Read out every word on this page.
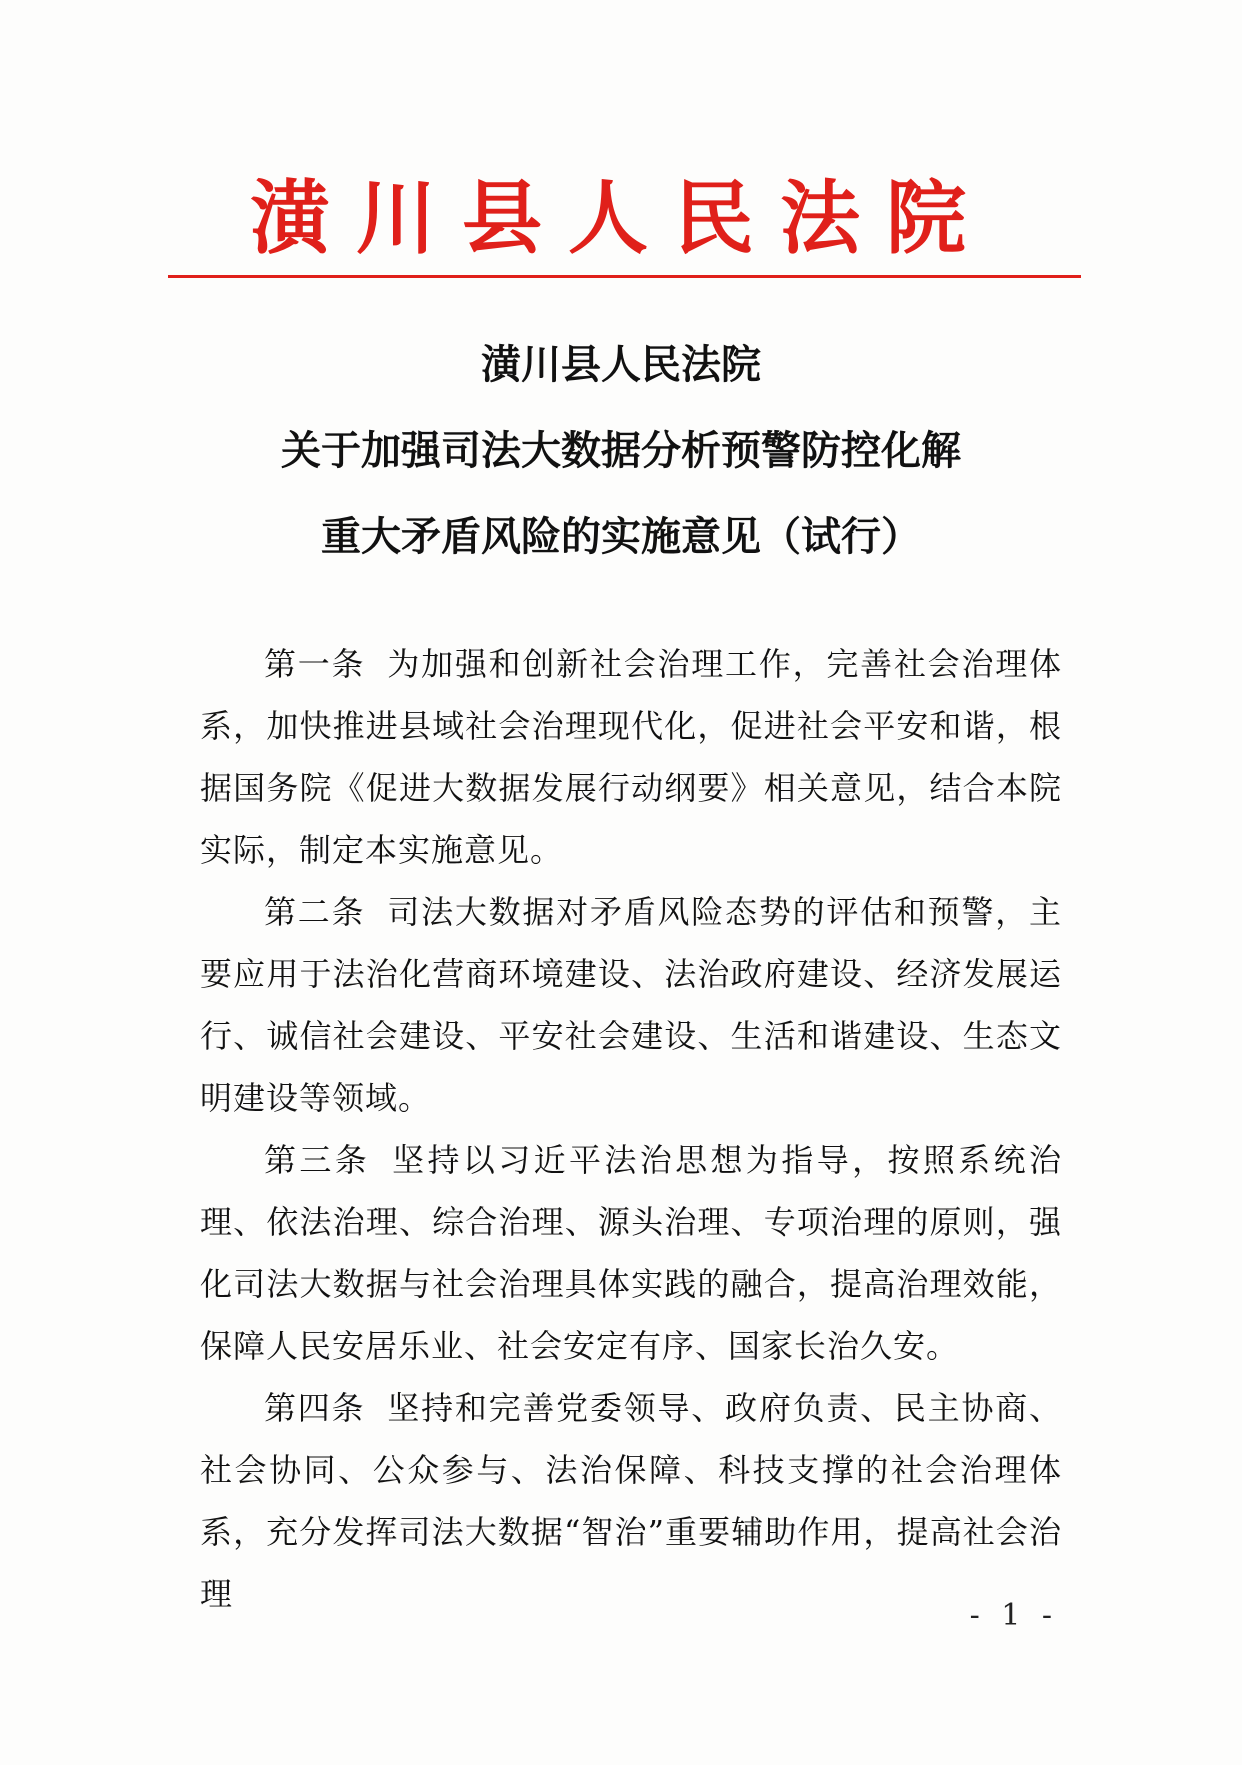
潢川县人民法院
潢川县人民法院
关于加强司法大数据分析预警防控化解
重大矛盾风险的实施意见（试行）

第一条 为加强和创新社会治理工作，完善社会治理体系，加快推进县域社会治理现代化，促进社会平安和谐，根据国务院《促进大数据发展行动纲要》相关意见，结合本院实际，制定本实施意见。

第二条 司法大数据对矛盾风险态势的评估和预警，主要应用于法治化营商环境建设、法治政府建设、经济发展运行、诚信社会建设、平安社会建设、生活和谐建设、生态文明建设等领域。

第三条 坚持以习近平法治思想为指导，按照系统治理、依法治理、综合治理、源头治理、专项治理的原则，强化司法大数据与社会治理具体实践的融合，提高治理效能，保障人民安居乐业、社会安定有序、国家长治久安。

第四条 坚持和完善党委领导、政府负责、民主协商、社会协同、公众参与、法治保障、科技支撑的社会治理体系，充分发挥司法大数据“智治”重要辅助作用，提高社会治理

- 1 -
